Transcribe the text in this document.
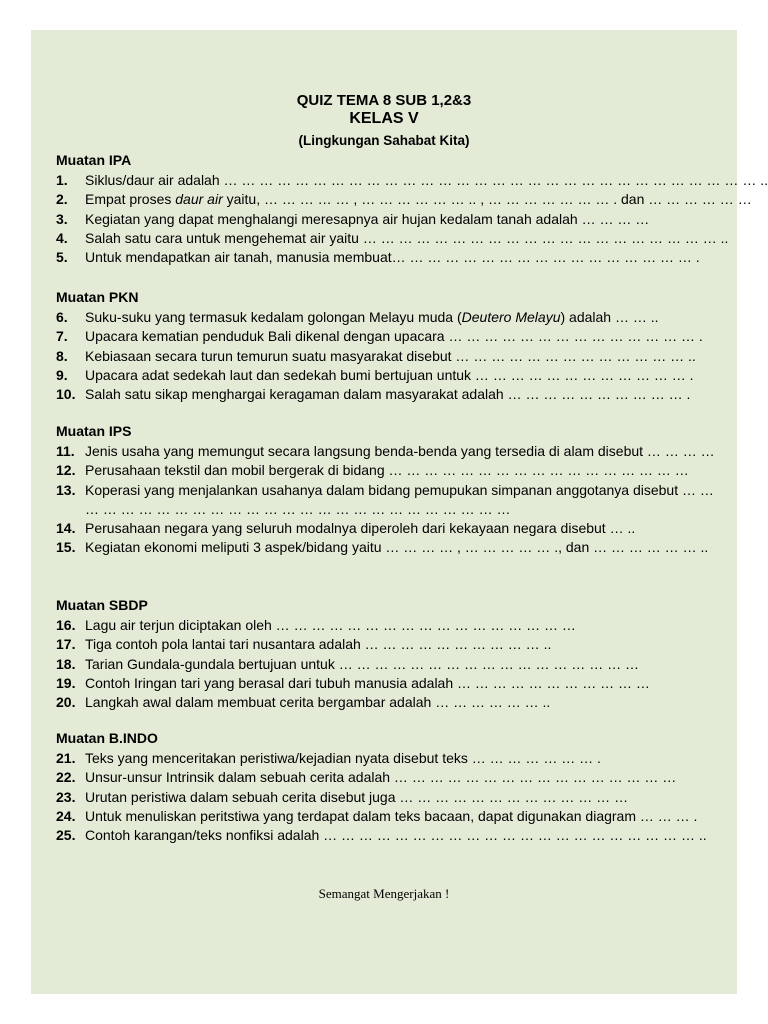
QUIZ TEMA 8 SUB 1,2&3
KELAS V
(Lingkungan Sahabat Kita)
Muatan IPA
1.	Siklus/daur air adalah … … … … … … … … … … … … … … … … … … … … … … … … … … … … … … ..
2.	Empat proses daur air yaitu, … … … … … , … … … … … … .. , … … … … … … … . dan … … … … … …
3.	Kegiatan yang dapat menghalangi meresapnya air hujan kedalam tanah adalah … … … …
4.	Salah satu cara untuk mengehemat air yaitu … … … … … … … … … … … … … … … … … … … … ..
5.	Untuk mendapatkan air tanah, manusia membuat… … … … … … … … … … … … … … … … … .
Muatan PKN
6.	Suku-suku yang termasuk kedalam golongan Melayu muda (Deutero Melayu) adalah … … ..
7.	Upacara kematian penduduk Bali dikenal dengan upacara … … … … … … … … … … … … … … .
8.	Kebiasaan secara turun temurun suatu masyarakat disebut … … … … … … … … … … … … … ..
9.	Upacara adat sedekah laut dan sedekah bumi bertujuan untuk … … … … … … … … … … … … .
10. Salah satu sikap menghargai keragaman dalam masyarakat adalah … … … … … … … … … … .
Muatan IPS
11. Jenis usaha yang memungut secara langsung benda-benda yang tersedia di alam disebut … … … …
12. Perusahaan tekstil dan mobil bergerak di bidang … … … … … … … … … … … … … … … … …
13. Koperasi yang menjalankan usahanya dalam bidang pemupukan simpanan anggotanya disebut … … … … … … … … … … … … … … … … … … … … … … … … … …
14. Perusahaan negara yang seluruh modalnya diperoleh dari kekayaan negara disebut … ..
15. Kegiatan ekonomi meliputi 3 aspek/bidang yaitu … … … … , … … … … … ., dan … … … … … … ..
Muatan SBDP
16. Lagu air terjun diciptakan oleh … … … … … … … … … … … … … … … … …
17. Tiga contoh pola lantai tari nusantara adalah … … … … … … … … … … ..
18. Tarian Gundala-gundala bertujuan untuk … … … … … … … … … … … … … … … … …
19. Contoh Iringan tari yang berasal dari tubuh manusia adalah … … … … … … … … … … …
20. Langkah awal dalam membuat cerita bergambar adalah … … … … … … ..
Muatan B.INDO
21. Teks yang menceritakan peristiwa/kejadian nyata disebut teks … … … … … … … .
22. Unsur-unsur Intrinsik dalam sebuah cerita adalah … … … … … … … … … … … … … … … …
23. Urutan peristiwa dalam sebuah cerita disebut juga … … … … … … … … … … … … …
24. Untuk menuliskan peritstiwa yang terdapat dalam teks bacaan, dapat digunakan diagram … … … .
25. Contoh karangan/teks nonfiksi adalah … … … … … … … … … … … … … … … … … … … … … ..
Semangat Mengerjakan !
